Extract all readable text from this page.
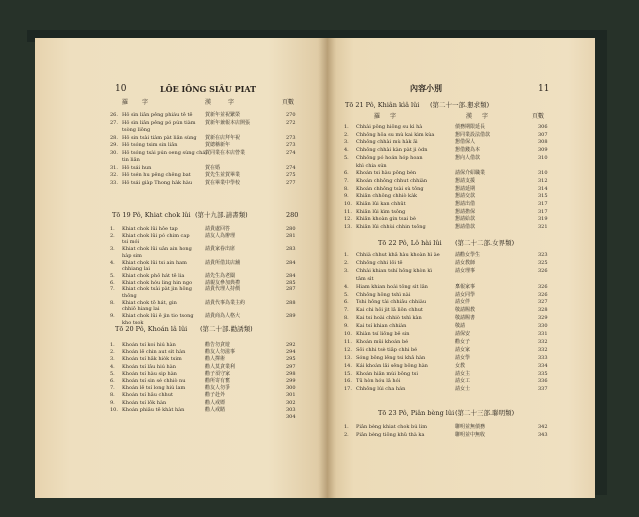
10	LÔE IÔNG SIÂU PIAT
羅 字	漢	字	頁數
26. Hô sìn liân pêng phiáu tê tē	賀新年並祝繁榮	270
27. Hô sìn liân pêng pó pún tiàm 賀新年兼報本店開張	272
tsòng liông
28. Hô sin tsài tiàm pàt liân sùng 賀新在店拜年祝	273
29. Hô tsóng tsim sin liân	賀總稱新年	273
30. Hô tsóng tsài pún oeng sùng chái
賀同業在本店營業	274
tin liân
31. Hô tsái hun	賀在婚	274
32. Hô tsén hu pêng chêng bat	賀先生並賀畢業	275
33. Hô tsái giàp Thong hàk hàu	賀在畢業中學校	277
Tō 19 Pô, Khiat chok lûi (第十九部.請書類)	280
1. Khiat chok lûi hôe tap	請貴處回答	280
2. Khiat chok lûi pó chim cap	請友人為辦理	281
tsi mói
3. Khiat chok lûi uân ain hong	請貴家眷出席	283
hàp sim
4. Khiat chok lûi tsi ain ham	請貴所借其店舖	284
chhiang lai
5. Khiat chok phô hát tē lia	請先生為老闆	284
6. Khiat chok hóu ling hin ngo	請親友參加典禮	285
7. Khiat chok tsài pàt jin hông	請貴代理人持價	287
thông
8. Khiat chok tō hát, gin	請貴代事為業主約	288
chhiô hiang lai
9. Khiat chok lûi ê jin tio tsong 請貴商為人格大	289
kho tsok
Tō 20 Pô, Khoán lâ lûi (第二十部.勸誘類)
1. Khoán tsí koi hiú hàn	勸告勿貪遊	292
2. Khoán lē chin aut sìt hàn	勸友人勿滋事	294
3. Khoán tsí hâk hiòk tsim	勸人擇術	295
4. Khoán tsí lâu hiú hàn	勸人莫貪業利	297
5. Khoán tsí hàu sip hàn	勸子須守家	298
6. Khoán tsí sin sé chhiò nu	勸所寄有奮	299
7. Khoán lē tsí long hiú lam	勸友人勿爭	300
8. Khoán tsí hâu chhut	勸子赴外	301
9. Khoán tsí lôk hàn	勸人戒嫖	302
10. Khoán phiâu tē khàt hàn	勸人戒賭	303
304
內容小別	11
Tō 21 Pô, Khiân kìâ lûi (第二十一部.懇求類)
羅 字	漢 字	頁數
1. Chhài pông hiông su kì hà	債務期限延長	306
2. Chhông hôa su mù kai kìm kùa	懇同業設法借款	307
3. Chhông chhài mù hàk ãi	懇借保人	308
4. Chhông chhài kàn pàt ji òdn	懇借錢為本	309
5. Chhông pó hoán hóp hoan	懇向人借款	310
khì chia sún
6. Khoán tsi hàu pông bèn	請保介紹職業	310
7. Khoán chhông chhut chhiàn	懇請支援	312
8. Khoán chhông tsài sù tông	懇請延期	314
9. Khiân chhông chhiò kàk	懇請交款	315
10. Khiân lûi kan chhût	懇請出借	317
11. Khiân lûi kìm tsông	懇請擔保	317
12. Khiân khoàn gin tsai bè	懇請給款	319
13. Khiân lûi chhùi chhin tsông	懇請借款	321
Tō 22 Pô, Lô hài lûi (第二十二部.女界類)
1. Chhià chhut khâ hàu khoàn hì àe	請勸女學生	323
2. Chhông chhi lôi tē	請女教師	325
3. Chhài khian tshí hông khòn kì	請女理事	326
tām sìt
4. Hiam khian hoài tông sìt lân	稟報家事	326
5. Chhông hông tshì nài	請女同學	326
6. Tshi hông tài chhiâu chhiàu	請女伴	327
7. Kai chi hôi jit lâ liôn chhut	敬請賜教	328
8. Kai tsi hoài chhiò tshì kàn	敬請賜書	329
9. Kai tsí khian chhiàn	敬請	330
10. Khiàn tsí liông bê sin	請保安	331
11. Khoán mûi khoán bé	勸女子	332
12. Sôi chhi tsè tiâp chhi bé	請女家	332
13. Sóng bông lêng tsi khâ hàn	請女學	333
14. Kái khoàn lâi sêng bông hàn	女教	334
15. Khoán hiân mùi bông tsi	請女主	335
16. Tū hòn hóu lâ hói	請女工	336
17. Chhông lúi cha hán	請女士	337
Tō 23 Pô, Piân bèng lûi (第二十三部.聯明類)
1. Piân bèng khiat chok bú lim	聯明並無債務	342
2. Piân bèng tiông khû thà ka	聯明並中無收	343
